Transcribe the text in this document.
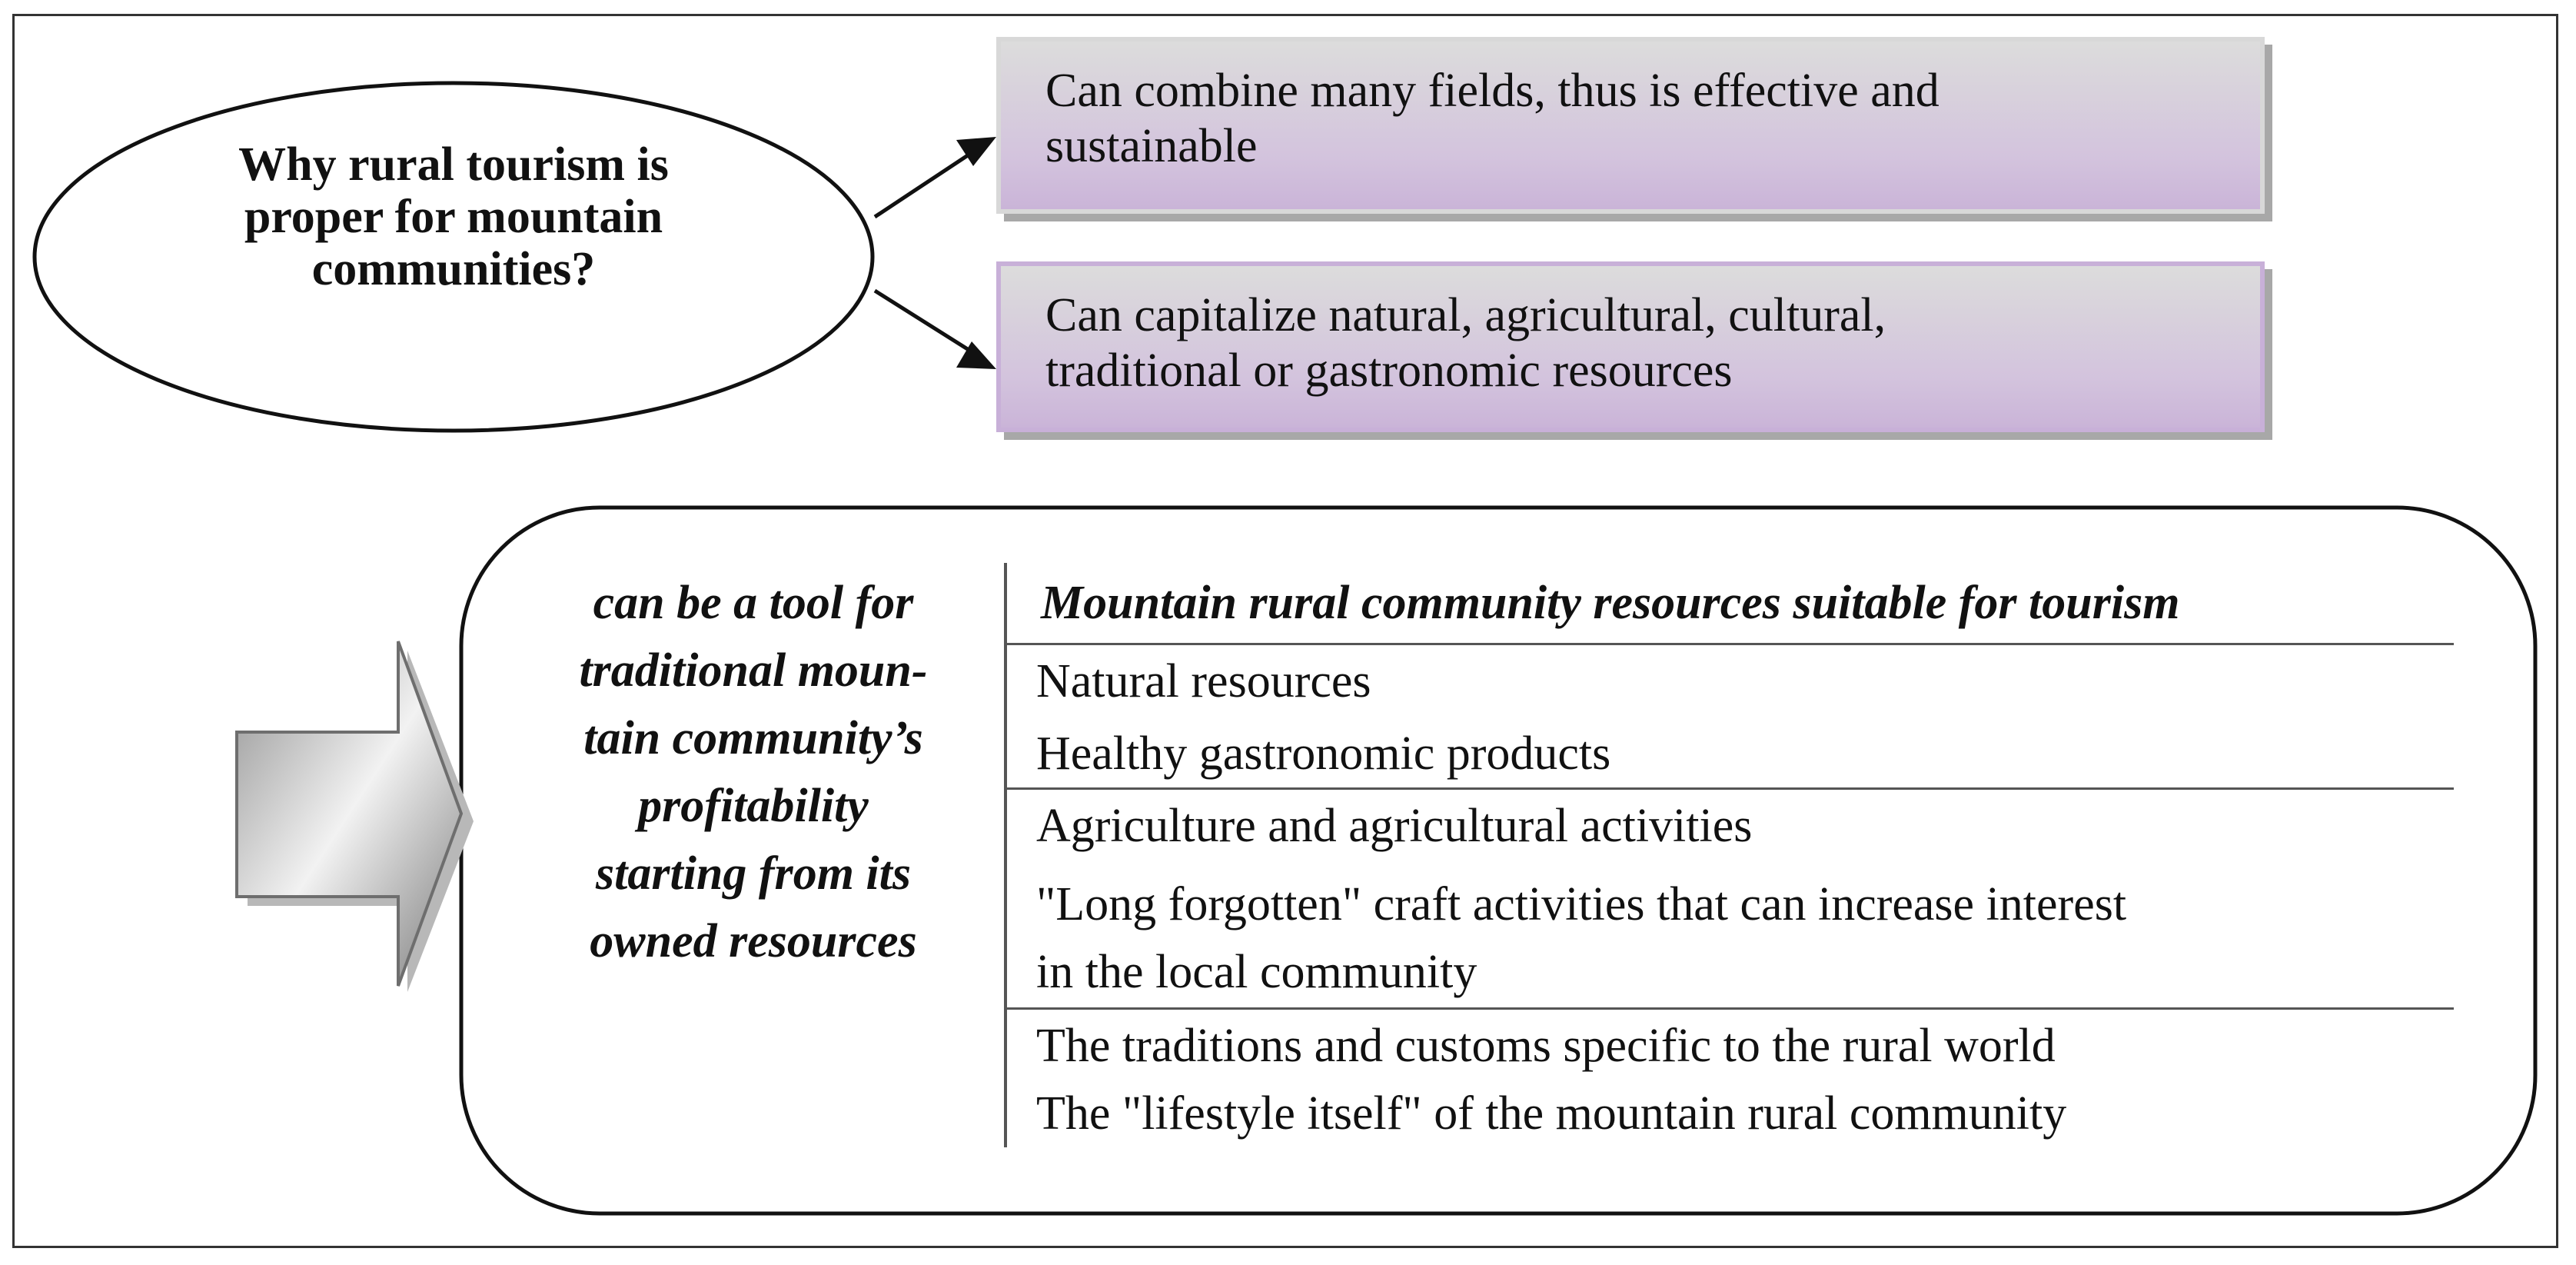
Why rural tourism is
proper for mountain
communities?
Can combine many fields, thus is effective and
sustainable
Can capitalize natural, agricultural, cultural,
traditional or gastronomic resources
can be a tool for
traditional moun-
tain community’s
profitability
starting from its
owned resources
Mountain rural community resources suitable for tourism
Natural resources
Healthy gastronomic products
Agriculture and agricultural activities
"Long forgotten" craft activities that can increase interest
in the local community
The traditions and customs specific to the rural world
The "lifestyle itself" of the mountain rural community
